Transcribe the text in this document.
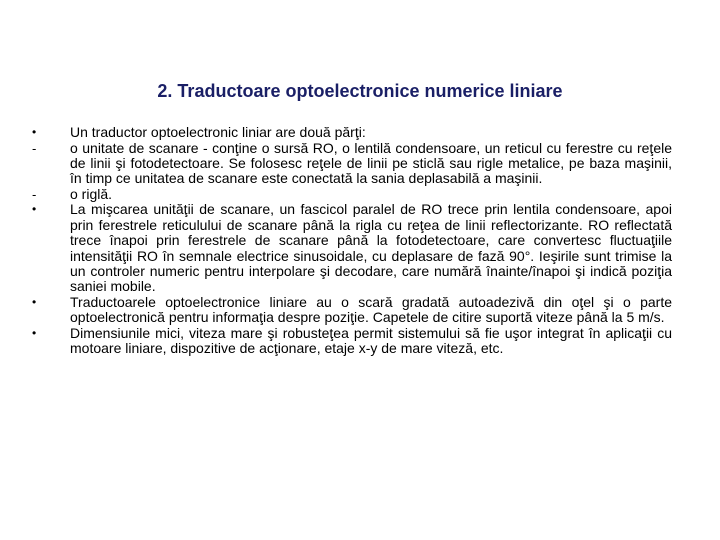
2. Traductoare optoelectronice numerice liniare
•	Un traductor optoelectronic liniar are două părţi:
-	o unitate de scanare - conţine o sursă RO, o lentilă condensoare, un reticul cu ferestre cu reţele de linii şi fotodetectoare. Se folosesc reţele de linii pe sticlă sau rigle metalice, pe baza maşinii, în timp ce unitatea de scanare este conectată la sania deplasabilă a maşinii.
-	o riglă.
•	La mişcarea unităţii de scanare, un fascicol paralel de RO trece prin lentila condensoare, apoi prin ferestrele reticulului de scanare până la rigla cu reţea de linii reflectorizante. RO reflectată trece înapoi prin ferestrele de scanare până la fotodetectoare, care convertesc fluctuaţiile intensităţii RO în semnale electrice sinusoidale, cu deplasare de fază 90°. Ieşirile sunt trimise la un controler numeric pentru interpolare şi decodare, care numără înainte/înapoi şi indică poziţia saniei mobile.
•	Traductoarele optoelectronice liniare au o scară gradată autoadezivă din oţel şi o parte optoelectronică pentru informaţia despre poziţie. Capetele de citire suportă viteze până la 5 m/s.
•	Dimensiunile mici, viteza mare şi robusteţea permit sistemului să fie uşor integrat în aplicaţii cu motoare liniare, dispozitive de acţionare, etaje x-y de mare viteză, etc.
